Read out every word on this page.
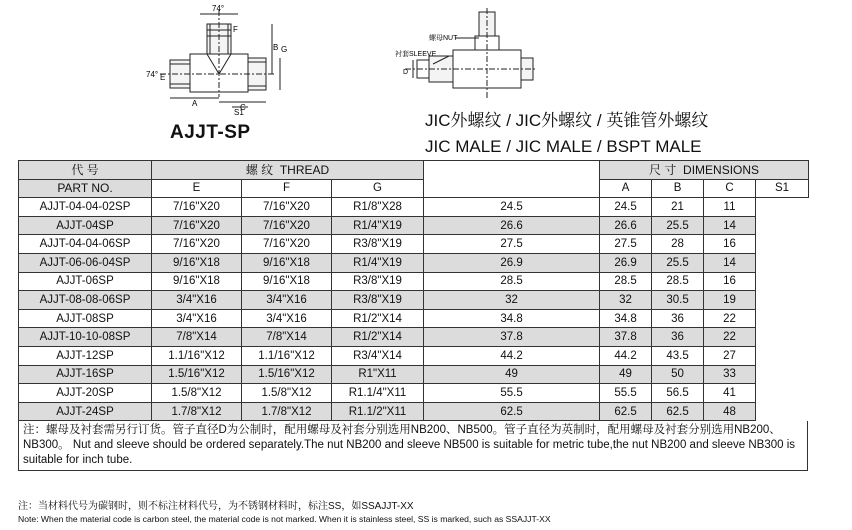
74°
74°
F
B G
E
A	C
S1
螺母NUT
衬套SLEEVE
D
AJJT-SP
JIC外螺纹 / JIC外螺纹 / 英锥管外螺纹
JIC MALE / JIC MALE / BSPT MALE
代 号	螺 纹 THREAD				尺 寸 DIMENSIONS			
PART NO.	E	F	G		A	B	C	S1
AJJT-04-04-02SP	7/16"X20	7/16"X20	R1/8"X28	24.5	24.5	21	11	
AJJT-04SP	7/16"X20	7/16"X20	R1/4"X19	26.6	26.6	25.5	14	
AJJT-04-04-06SP	7/16"X20	7/16"X20	R3/8"X19	27.5	27.5	28	16	
AJJT-06-06-04SP	9/16"X18	9/16"X18	R1/4"X19	26.9	26.9	25.5	14	
AJJT-06SP	9/16"X18	9/16"X18	R3/8"X19	28.5	28.5	28.5	16	
AJJT-08-08-06SP	3/4"X16	3/4"X16	R3/8"X19	32	32	30.5	19	
AJJT-08SP	3/4"X16	3/4"X16	R1/2"X14	34.8	34.8	36	22	
AJJT-10-10-08SP	7/8"X14	7/8"X14	R1/2"X14	37.8	37.8	36	22	
AJJT-12SP	1.1/16"X12	1.1/16"X12	R3/4"X14	44.2	44.2	43.5	27	
AJJT-16SP	1.5/16"X12	1.5/16"X12	R1"X11	49	49	50	33	
AJJT-20SP	1.5/8"X12	1.5/8"X12	R1.1/4"X11	55.5	55.5	56.5	41	
AJJT-24SP	1.7/8"X12	1.7/8"X12	R1.1/2"X11	62.5	62.5	62.5	48	
注：螺母及衬套需另行订货。管子直径D为公制时，配用螺母及衬套分别选用NB200、NB500。管子直径为英制时，配用螺母及衬套分别选用NB200、NB300。 Nut and sleeve should be ordered separately.The nut NB200 and sleeve NB500 is suitable for metric tube,the nut NB200 and sleeve NB300 is suitable for inch tube.
注：当材料代号为碳钢时，则不标注材料代号，为不锈钢材料时，标注SS，如SSAJJT-XX
Note: When the material code is carbon steel, the material code is not marked. When it is stainless steel, SS is marked, such as SSAJJT-XX
